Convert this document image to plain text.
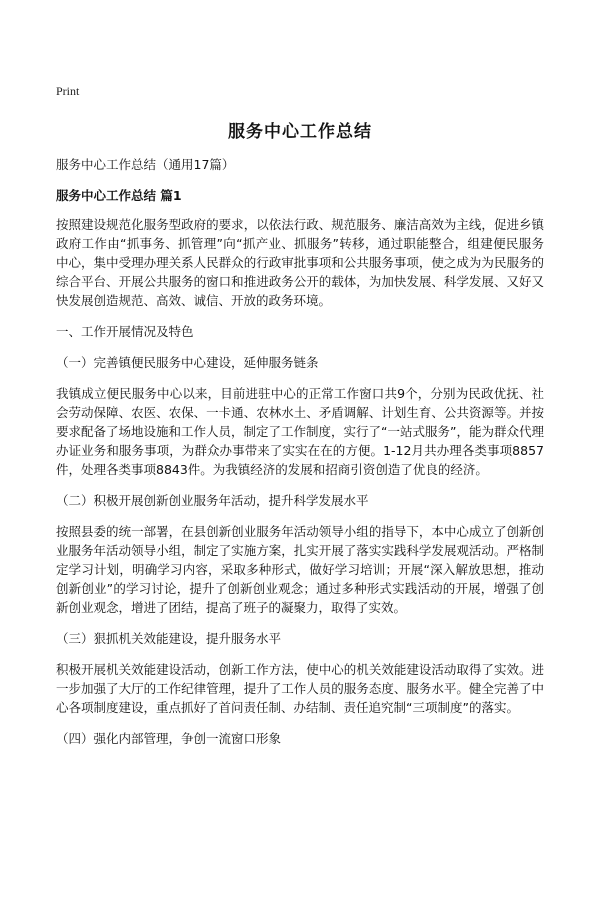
Print
服务中心工作总结
服务中心工作总结（通用17篇）
服务中心工作总结 篇1

按照建设规范化服务型政府的要求，以依法行政、规范服务、廉洁高效为主线，促进乡镇政府工作由“抓事务、抓管理”向“抓产业、抓服务”转移，通过职能整合，组建便民服务中心，集中受理办理关系人民群众的行政审批事项和公共服务事项，使之成为为民服务的综合平台、开展公共服务的窗口和推进政务公开的载体，为加快发展、科学发展、又好又快发展创造规范、高效、诚信、开放的政务环境。

一、工作开展情况及特色
（一）完善镇便民服务中心建设，延伸服务链条

我镇成立便民服务中心以来，目前进驻中心的正常工作窗口共9个，分别为民政优抚、社会劳动保障、农医、农保、一卡通、农林水土、矛盾调解、计划生育、公共资源等。并按要求配备了场地设施和工作人员，制定了工作制度，实行了“一站式服务”，能为群众代理办证业务和服务事项，为群众办事带来了实实在在的方便。1-12月共办理各类事项8857件，处理各类事项8843件。为我镇经济的发展和招商引资创造了优良的经济。

（二）积极开展创新创业服务年活动，提升科学发展水平

按照县委的统一部署，在县创新创业服务年活动领导小组的指导下，本中心成立了创新创业服务年活动领导小组，制定了实施方案，扎实开展了落实实践科学发展观活动。严格制定学习计划，明确学习内容，采取多种形式，做好学习培训；开展“深入解放思想，推动创新创业”的学习讨论，提升了创新创业观念；通过多种形式实践活动的开展，增强了创新创业观念，增进了团结，提高了班子的凝聚力，取得了实效。

（三）狠抓机关效能建设，提升服务水平

积极开展机关效能建设活动，创新工作方法，使中心的机关效能建设活动取得了实效。进一步加强了大厅的工作纪律管理，提升了工作人员的服务态度、服务水平。健全完善了中心各项制度建设，重点抓好了首问责任制、办结制、责任追究制“三项制度”的落实。

（四）强化内部管理，争创一流窗口形象
